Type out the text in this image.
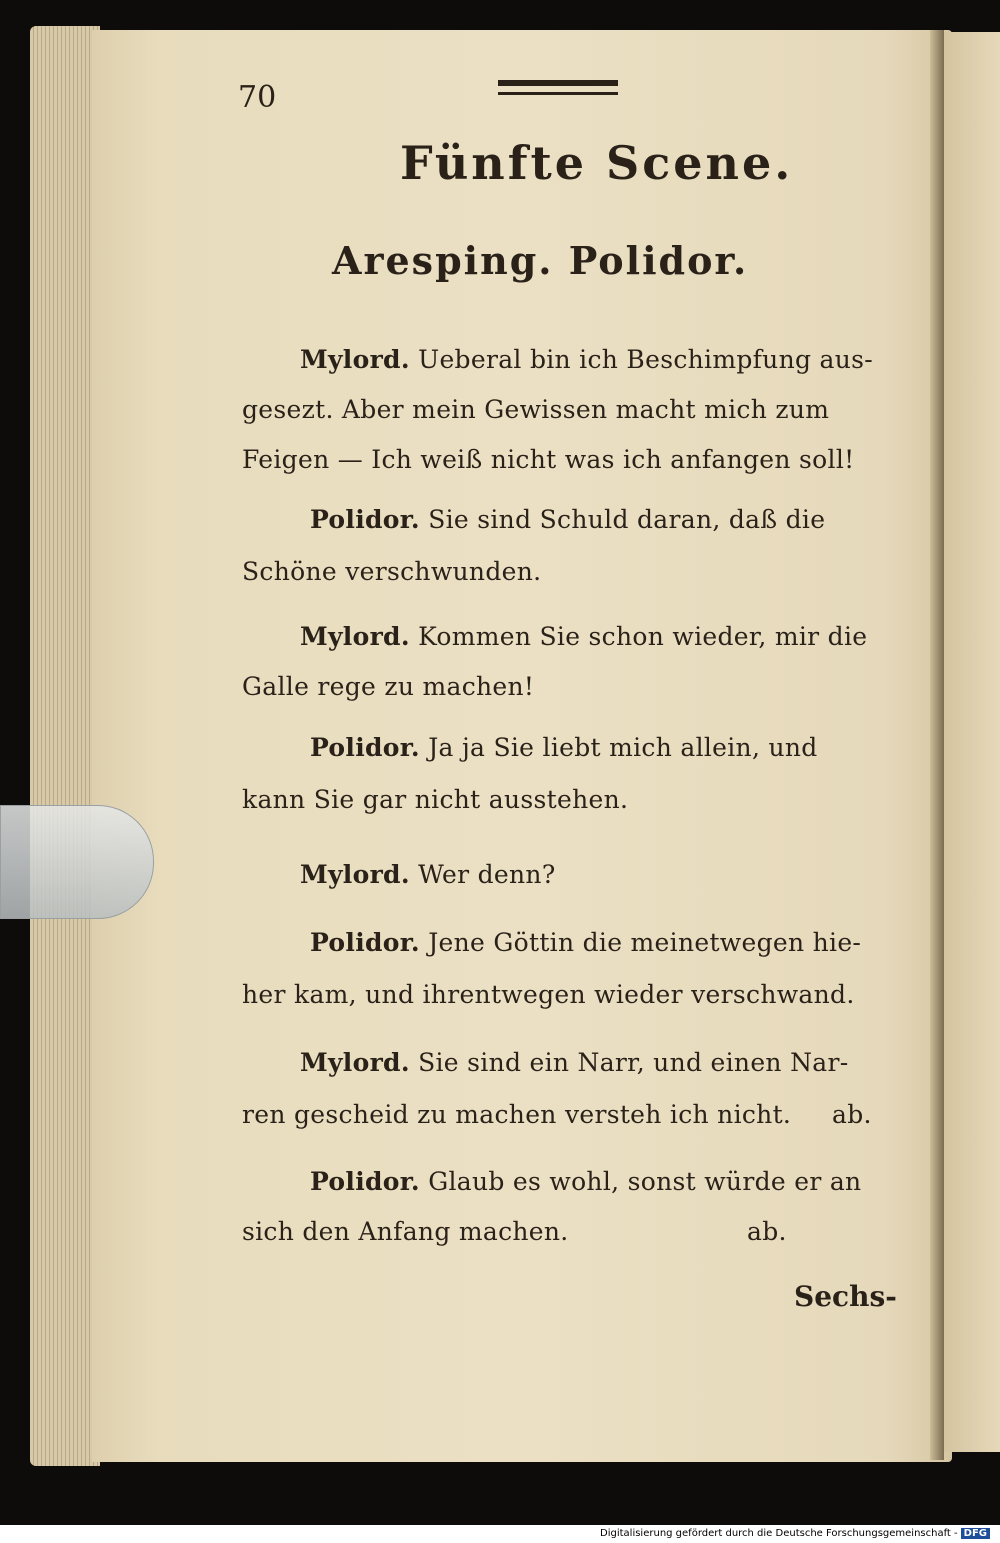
70
Fünfte Scene.
Aresping. Polidor.
Mylord. Ueberal bin ich Beschimpfung aus-
gesezt. Aber mein Gewissen macht mich zum
Feigen — Ich weiß nicht was ich anfangen soll!
Polidor. Sie sind Schuld daran, daß die
Schöne verschwunden.
Mylord. Kommen Sie schon wieder, mir die
Galle rege zu machen!
Polidor. Ja ja Sie liebt mich allein, und
kann Sie gar nicht ausstehen.
Mylord. Wer denn?
Polidor. Jene Göttin die meinetwegen hie-
her kam, und ihrentwegen wieder verschwand.
Mylord. Sie sind ein Narr, und einen Nar-
ren gescheid zu machen versteh ich nicht. ab.
Polidor. Glaub es wohl, sonst würde er an
sich den Anfang machen.	ab.
Sechs-
Digitalisierung gefördert durch die Deutsche Forschungsgemeinschaft - DFG
